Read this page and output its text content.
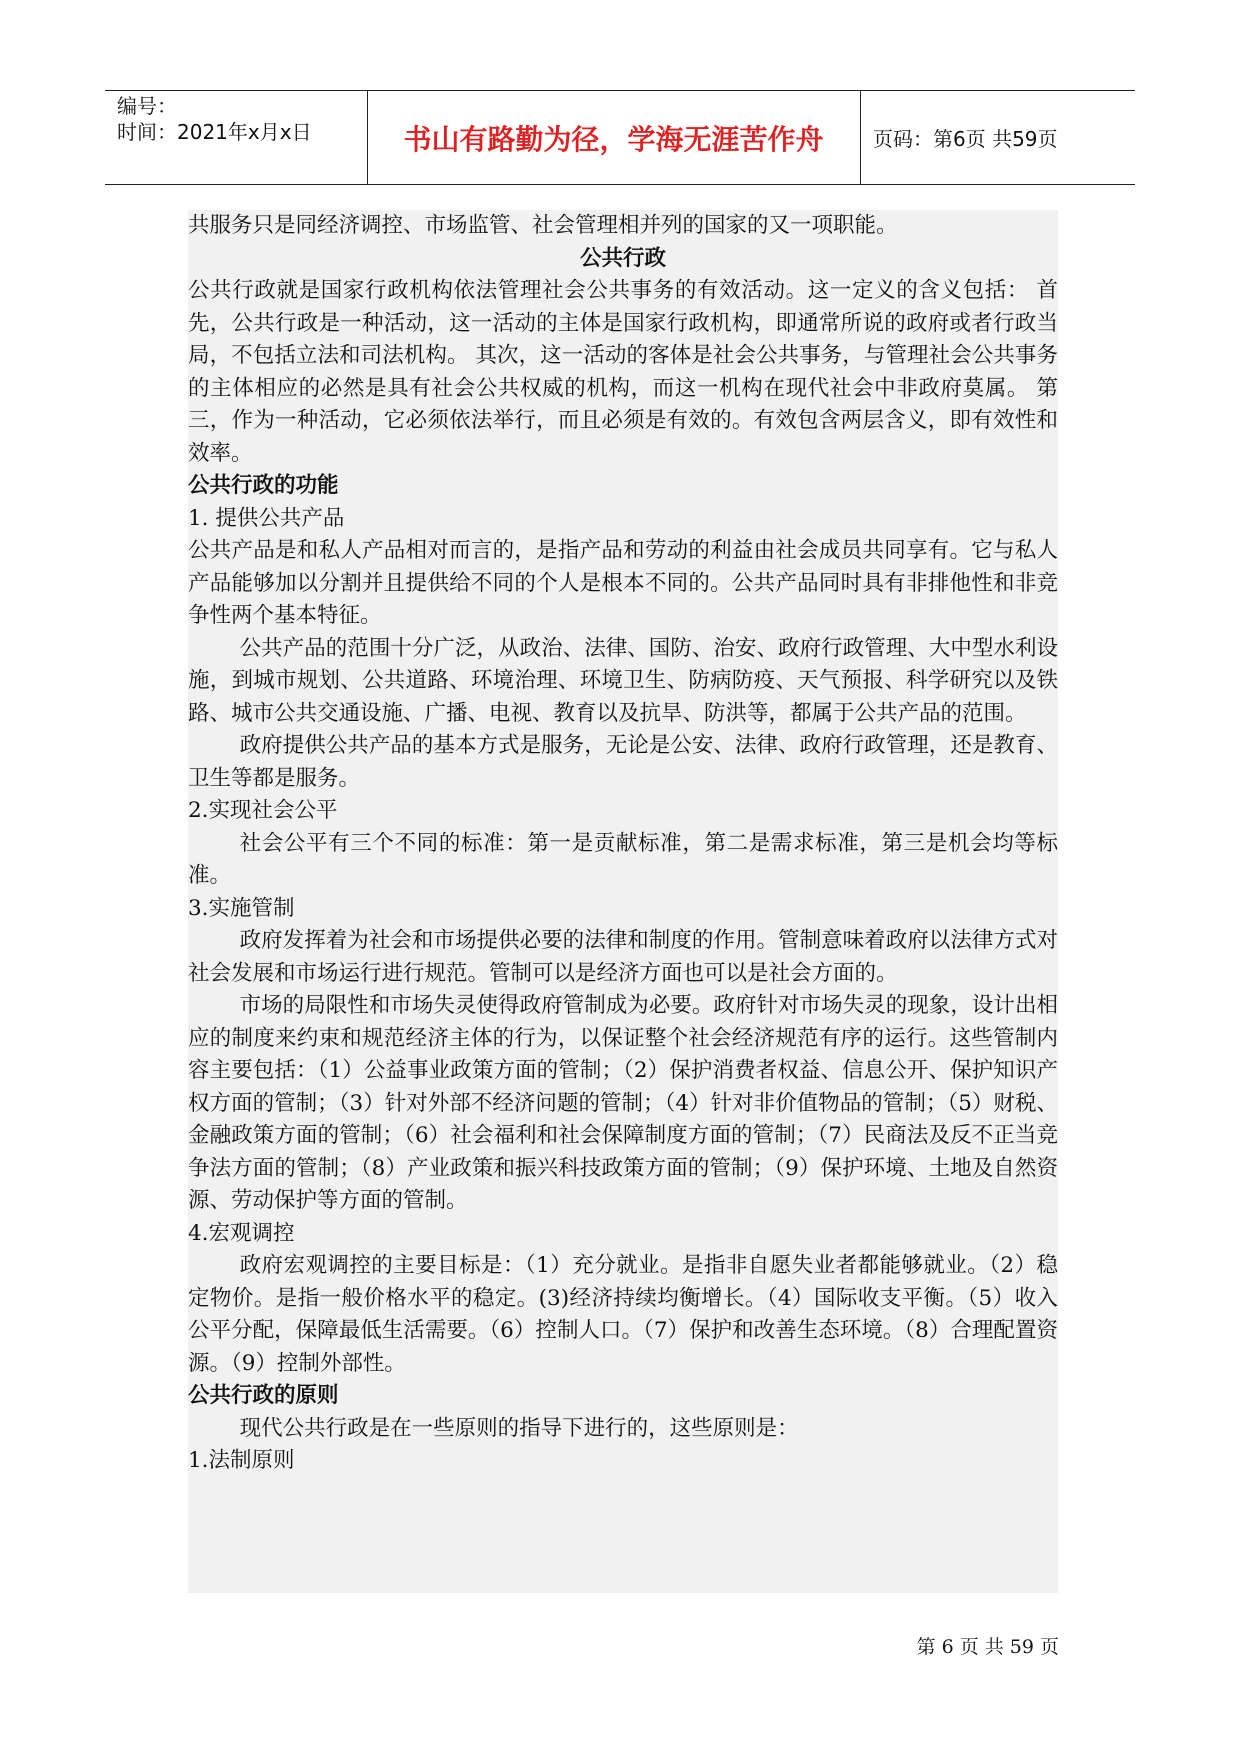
编号：
时间：2021年x月x日	书山有路勤为径，学海无涯苦作舟	页码：第6页 共59页

共服务只是同经济调控、市场监管、社会管理相并列的国家的又一项职能。

公共行政

公共行政就是国家行政机构依法管理社会公共事务的有效活动。这一定义的含义包括： 首先，公共行政是一种活动，这一活动的主体是国家行政机构，即通常所说的政府或者行政当局，不包括立法和司法机构。 其次，这一活动的客体是社会公共事务，与管理社会公共事务的主体相应的必然是具有社会公共权威的机构，而这一机构在现代社会中非政府莫属。 第三，作为一种活动，它必须依法举行，而且必须是有效的。有效包含两层含义，即有效性和效率。

公共行政的功能

1. 提供公共产品

公共产品是和私人产品相对而言的，是指产品和劳动的利益由社会成员共同享有。它与私人产品能够加以分割并且提供给不同的个人是根本不同的。公共产品同时具有非排他性和非竞争性两个基本特征。

公共产品的范围十分广泛，从政治、法律、国防、治安、政府行政管理、大中型水利设施，到城市规划、公共道路、环境治理、环境卫生、防病防疫、天气预报、科学研究以及铁路、城市公共交通设施、广播、电视、教育以及抗旱、防洪等，都属于公共产品的范围。

政府提供公共产品的基本方式是服务，无论是公安、法律、政府行政管理，还是教育、卫生等都是服务。

2.实现社会公平

社会公平有三个不同的标准：第一是贡献标准，第二是需求标准，第三是机会均等标准。

3.实施管制

政府发挥着为社会和市场提供必要的法律和制度的作用。管制意味着政府以法律方式对社会发展和市场运行进行规范。管制可以是经济方面也可以是社会方面的。

市场的局限性和市场失灵使得政府管制成为必要。政府针对市场失灵的现象，设计出相应的制度来约束和规范经济主体的行为，以保证整个社会经济规范有序的运行。这些管制内容主要包括：（1）公益事业政策方面的管制；（2）保护消费者权益、信息公开、保护知识产权方面的管制；（3）针对外部不经济问题的管制；（4）针对非价值物品的管制；（5）财税、金融政策方面的管制；（6）社会福利和社会保障制度方面的管制；（7）民商法及反不正当竞争法方面的管制；（8）产业政策和振兴科技政策方面的管制；（9）保护环境、土地及自然资源、劳动保护等方面的管制。

4.宏观调控

政府宏观调控的主要目标是：（1）充分就业。是指非自愿失业者都能够就业。（2）稳定物价。是指一般价格水平的稳定。(3)经济持续均衡增长。（4）国际收支平衡。（5）收入公平分配，保障最低生活需要。（6）控制人口。（7）保护和改善生态环境。（8）合理配置资源。（9）控制外部性。

公共行政的原则

现代公共行政是在一些原则的指导下进行的，这些原则是：

1.法制原则

第 6 页 共 59 页
